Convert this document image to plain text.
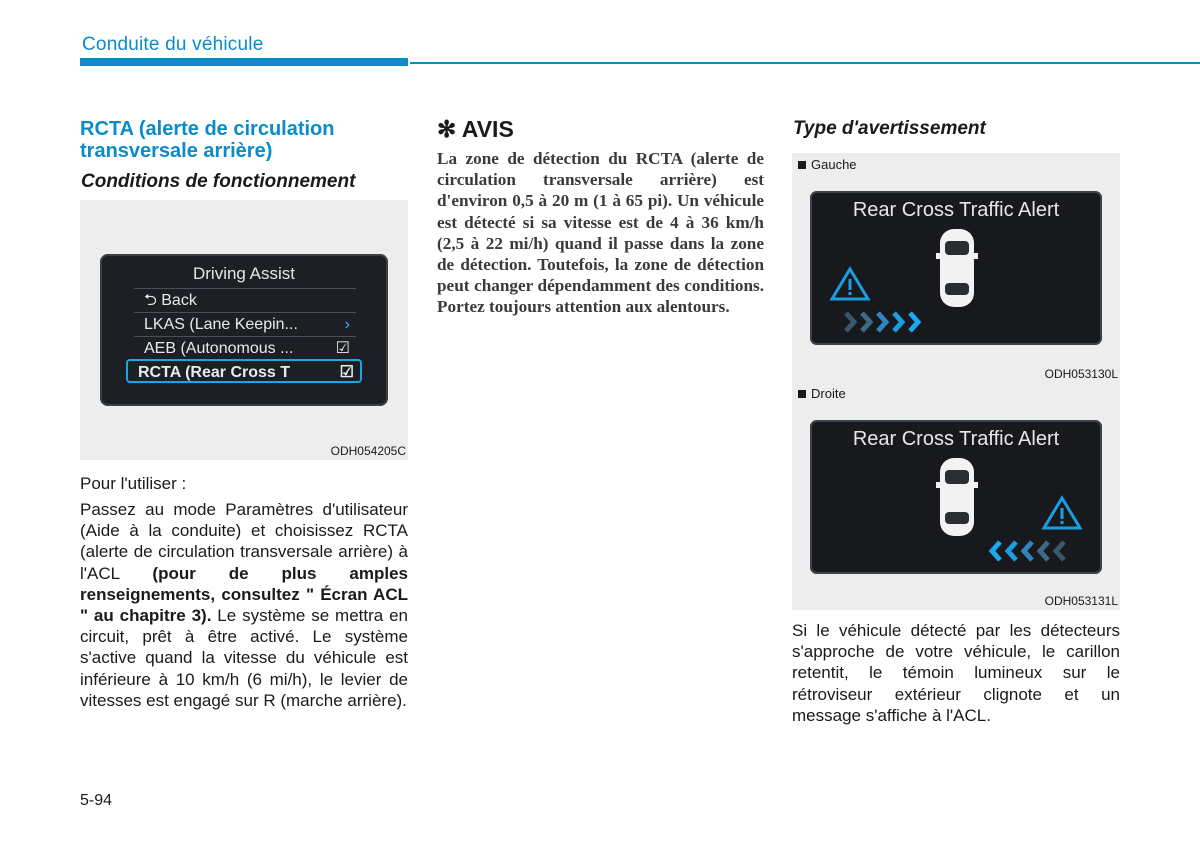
Conduite du véhicule
RCTA (alerte de circulation transversale arrière)
Conditions de fonctionnement
Driving Assist
⮌ Back
LKAS (Lane Keepin...	›
AEB (Autonomous ...	☑
RCTA (Rear Cross T	☑
ODH054205C
Pour l'utiliser :
Passez au mode Paramètres d'utilisateur (Aide à la conduite) et choisissez RCTA (alerte de circulation transversale arrière) à l'ACL (pour de plus amples renseignements, consultez " Écran ACL " au chapitre 3). Le système se mettra en circuit, prêt à être activé. Le système s'active quand la vitesse du véhicule est inférieure à 10 km/h (6 mi/h), le levier de vitesses est engagé sur R (marche arrière).
5-94
✻ AVIS
La zone de détection du RCTA (alerte de circulation transversale arrière) est d'environ 0,5 à 20 m (1 à 65 pi). Un véhicule est détecté si sa vitesse est de 4 à 36 km/h (2,5 à 22 mi/h) quand il passe dans la zone de détection. Toutefois, la zone de détection peut changer dépendamment des conditions. Portez toujours attention aux alentours.
Type d'avertissement
Gauche
Rear Cross Traffic Alert
ODH053130L
Droite
Rear Cross Traffic Alert
ODH053131L
Si le véhicule détecté par les détecteurs s'approche de votre véhicule, le carillon retentit, le témoin lumineux sur le rétroviseur extérieur clignote et un message s'affiche à l'ACL.
